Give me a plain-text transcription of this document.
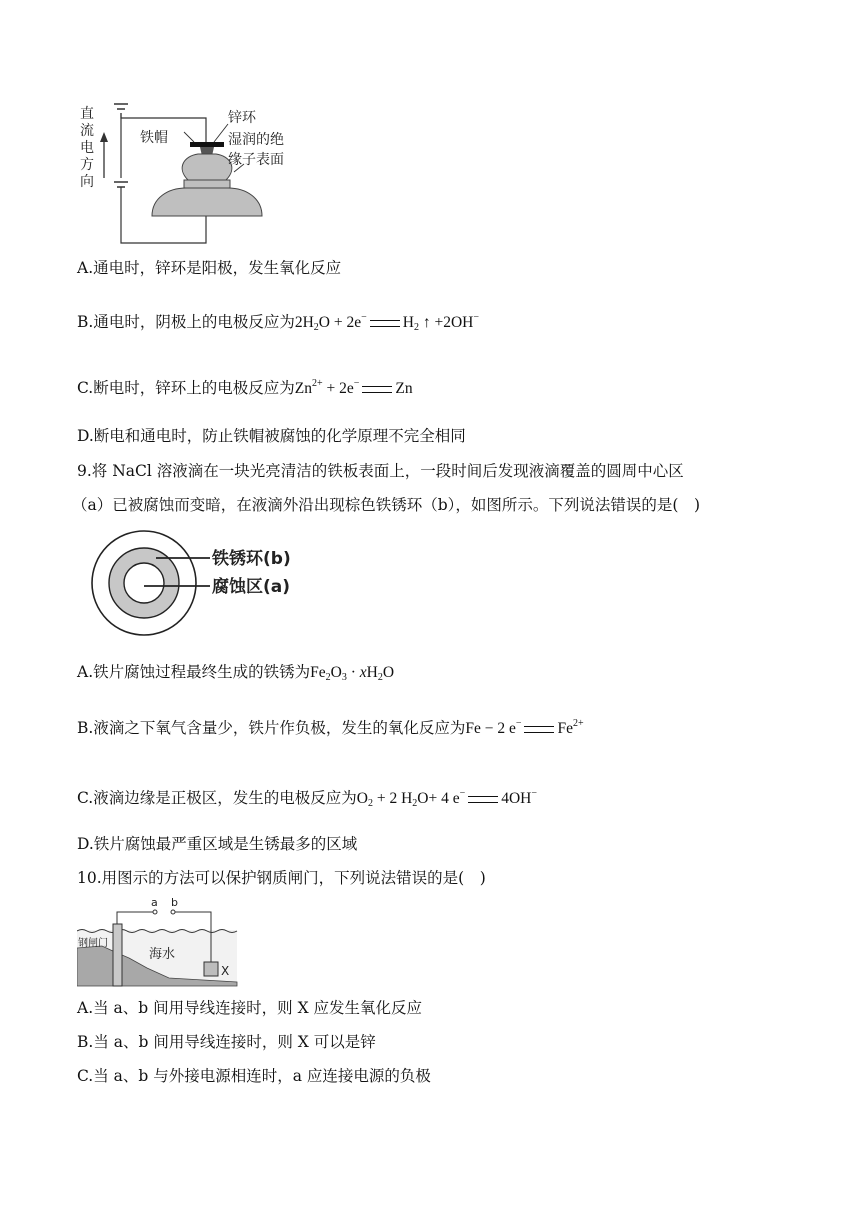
直
流
电
方
向
铁帽
锌环
湿润的绝
缘子表面
A.通电时，锌环是阳极，发生氧化反应
B.通电时，阴极上的电极反应为$2H_2O + 2e^-$ $H_2$ ↑ +2OH−
C.断电时，锌环上的电极反应为$Zn^{2+} + 2e^-$ Zn
D.断电和通电时，防止铁帽被腐蚀的化学原理不完全相同
9.将 NaCl 溶液滴在一块光亮清洁的铁板表面上，一段时间后发现液滴覆盖的圆周中心区
（a）已被腐蚀而变暗，在液滴外沿出现棕色铁锈环（b），如图所示。下列说法错误的是(　)
铁锈环(b)
腐蚀区(a)
A.铁片腐蚀过程最终生成的铁锈为$Fe_2O_3 \cdot xH_2O$
B.液滴之下氧气含量少，铁片作负极，发生的氧化反应为Fe − 2 e− $Fe^{2+}$
C.液滴边缘是正极区，发生的电极反应为$O_2 + 2$ $H_2O+ 4$ e− 4OH−
D.铁片腐蚀最严重区域是生锈最多的区域
10.用图示的方法可以保护钢质闸门，下列说法错误的是(　)
a b
钢闸门
海水
X
A.当 a、b 间用导线连接时，则 X 应发生氧化反应
B.当 a、b 间用导线连接时，则 X 可以是锌
C.当 a、b 与外接电源相连时，a 应连接电源的负极
